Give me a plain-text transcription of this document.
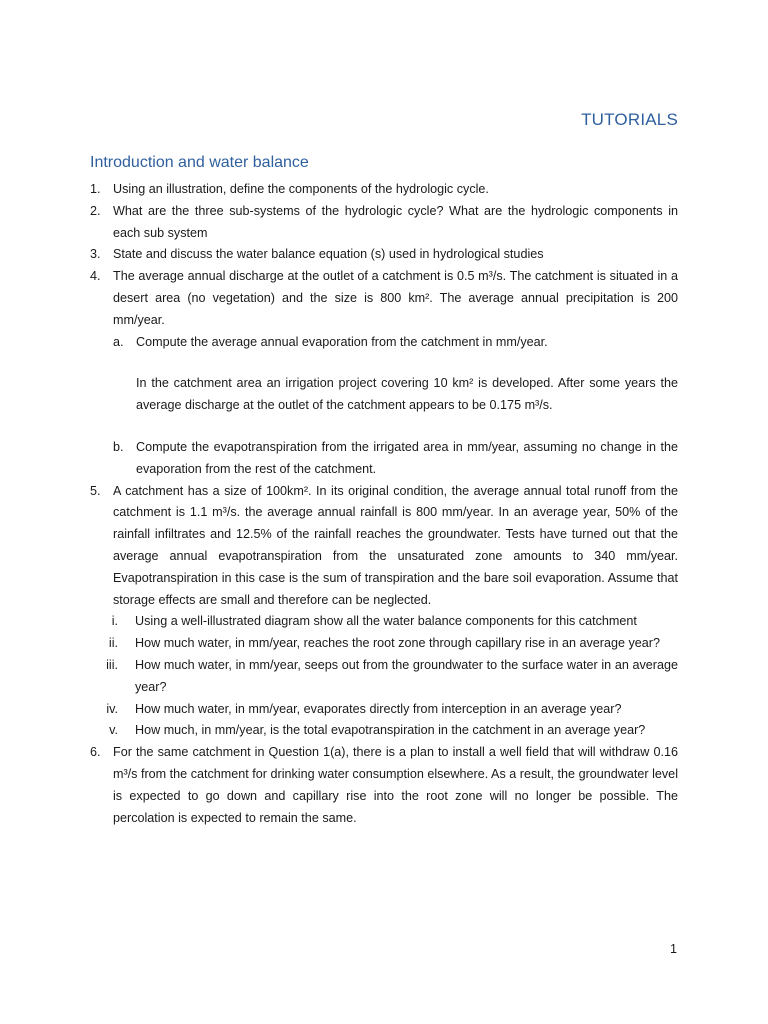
TUTORIALS
Introduction and water balance
1. Using an illustration, define the components of the hydrologic cycle.
2. What are the three sub-systems of the hydrologic cycle? What are the hydrologic components in each sub system
3. State and discuss the water balance equation (s) used in hydrological studies
4. The average annual discharge at the outlet of a catchment is 0.5 m³/s. The catchment is situated in a desert area (no vegetation) and the size is 800 km². The average annual precipitation is 200 mm/year.
a. Compute the average annual evaporation from the catchment in mm/year.
In the catchment area an irrigation project covering 10 km² is developed. After some years the average discharge at the outlet of the catchment appears to be 0.175 m³/s.
b. Compute the evapotranspiration from the irrigated area in mm/year, assuming no change in the evaporation from the rest of the catchment.
5. A catchment has a size of 100km². In its original condition, the average annual total runoff from the catchment is 1.1 m³/s. the average annual rainfall is 800 mm/year. In an average year, 50% of the rainfall infiltrates and 12.5% of the rainfall reaches the groundwater. Tests have turned out that the average annual evapotranspiration from the unsaturated zone amounts to 340 mm/year. Evapotranspiration in this case is the sum of transpiration and the bare soil evaporation. Assume that storage effects are small and therefore can be neglected.
i. Using a well-illustrated diagram show all the water balance components for this catchment
ii. How much water, in mm/year, reaches the root zone through capillary rise in an average year?
iii. How much water, in mm/year, seeps out from the groundwater to the surface water in an average year?
iv. How much water, in mm/year, evaporates directly from interception in an average year?
v. How much, in mm/year, is the total evapotranspiration in the catchment in an average year?
6. For the same catchment in Question 1(a), there is a plan to install a well field that will withdraw 0.16 m³/s from the catchment for drinking water consumption elsewhere. As a result, the groundwater level is expected to go down and capillary rise into the root zone will no longer be possible. The percolation is expected to remain the same.
1
